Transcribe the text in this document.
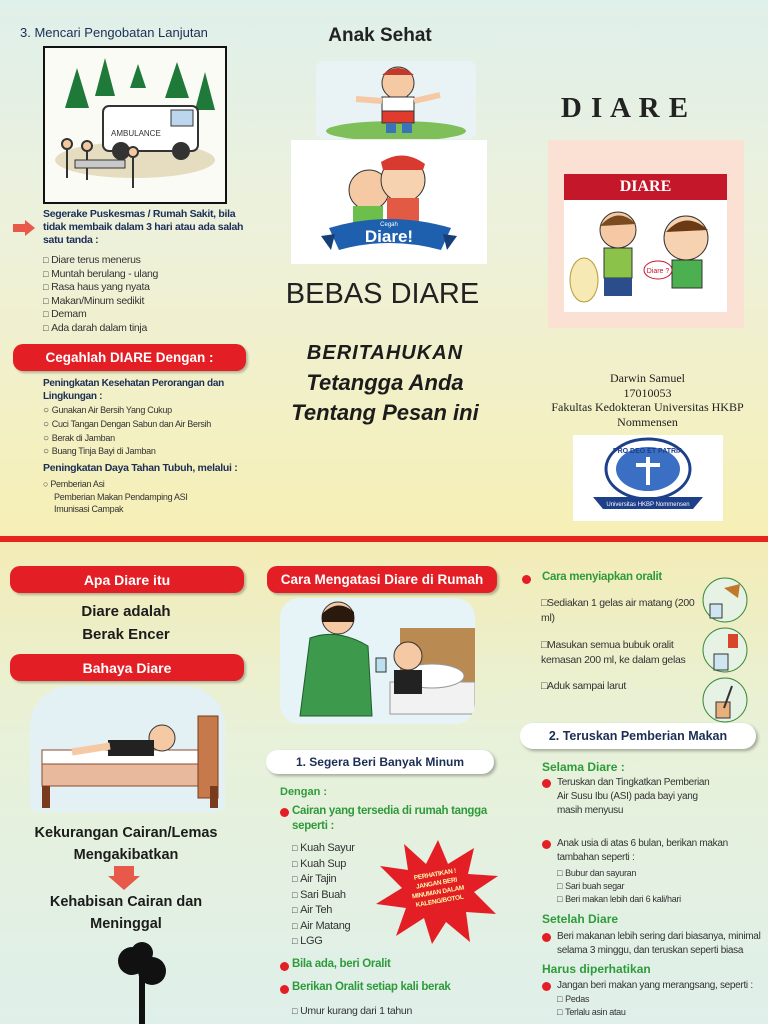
3. Mencari Pengobatan Lanjutan
AMBULANCE
Segerake Puskesmas / Rumah Sakit, bila tidak membaik dalam 3 hari atau ada salah satu tanda :
□ Diare terus menerus
□ Muntah berulang - ulang
□ Rasa haus yang nyata
□ Makan/Minum sedikit
□ Demam
□ Ada darah dalam tinja
Cegahlah DIARE Dengan :
Peningkatan Kesehatan Perorangan dan Lingkungan :
○ Gunakan Air Bersih Yang Cukup
○ Cuci Tangan Dengan Sabun dan Air Bersih
○ Berak di Jamban
○ Buang Tinja Bayi di Jamban
Peningkatan Daya Tahan Tubuh, melalui :
○ Pemberian Asi
Pemberian Makan Pendamping ASI
Imunisasi Campak
Anak Sehat
Cegah
Diare!
BEBAS DIARE
BERITAHUKAN
Tetangga Anda
Tentang Pesan ini
D I A R E
DIARE
Diare ?
Darwin Samuel
17010053
Fakultas Kedokteran Universitas HKBP Nommensen
PRO DEO ET PATRIA
Universitas HKBP Nommensen
Apa Diare itu
Diare adalah
Berak Encer
Bahaya Diare
Kekurangan Cairan/Lemas Mengakibatkan
Kehabisan Cairan dan Meninggal
Cara Mengatasi Diare di Rumah
1. Segera Beri Banyak Minum
Dengan :
Cairan yang tersedia di rumah tangga seperti :
□ Kuah Sayur
□ Kuah Sup
□ Air Tajin
□ Sari Buah
□ Air Teh
□ Air Matang
□ LGG
PERHATIKAN ! JANGAN BERI MINUMAN DALAM KALENG/BOTOL
Bila ada, beri Oralit
Berikan Oralit setiap kali berak
□ Umur kurang dari 1 tahun
Cara menyiapkan oralit
□Sediakan 1 gelas air matang (200 ml)
□Masukan semua bubuk oralit kemasan 200 ml, ke dalam gelas
□Aduk sampai larut
2. Teruskan Pemberian Makan
Selama Diare :
Teruskan dan Tingkatkan Pemberian Air Susu Ibu (ASI) pada bayi yang masih menyusu
Anak usia di atas 6 bulan, berikan makan tambahan seperti :
□ Bubur dan sayuran
□ Sari buah segar
□ Beri makan lebih dari 6 kali/hari
Setelah Diare
Beri makanan lebih sering dari biasanya, minimal selama 3 minggu, dan teruskan seperti biasa
Harus diperhatikan
Jangan beri makan yang merangsang, seperti :
□ Pedas
□ Terlalu asin atau
